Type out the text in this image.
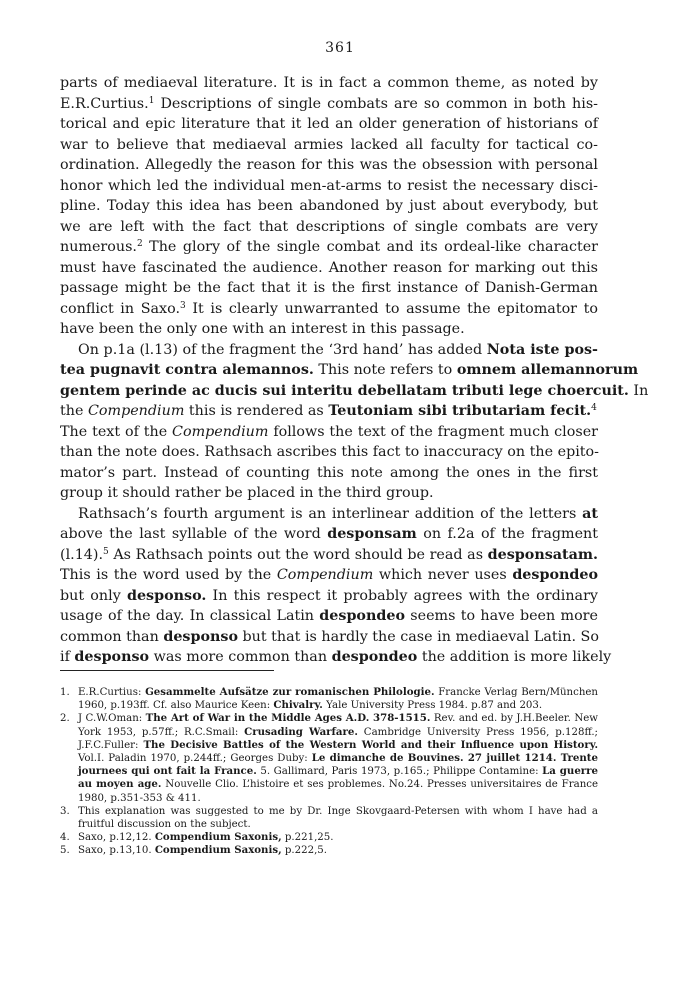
361
parts of mediaeval literature. It is in fact a common theme, as noted by
E.R.Curtius.$^1$ Descriptions of single combats are so common in both his-
torical and epic literature that it led an older generation of historians of
war to believe that mediaeval armies lacked all faculty for tactical co-
ordination. Allegedly the reason for this was the obsession with personal
honor which led the individual men-at-arms to resist the necessary disci-
pline. Today this idea has been abandoned by just about everybody, but
we are left with the fact that descriptions of single combats are very
numerous.$^2$ The glory of the single combat and its ordeal-like character
must have fascinated the audience. Another reason for marking out this
passage might be the fact that it is the first instance of Danish-German
conflict in Saxo.$^3$ It is clearly unwarranted to assume the epitomator to
have been the only one with an interest in this passage.
On p.1a (l.13) of the fragment the ‘3rd hand’ has added Nota iste pos-
tea pugnavit contra alemannos. This note refers to omnem allemannorum
gentem perinde ac ducis sui interitu debellatam tributi lege choercuit. In
the Compendium this is rendered as Teutoniam sibi tributariam fecit.$^4$
The text of the Compendium follows the text of the fragment much closer
than the note does. Rathsach ascribes this fact to inaccuracy on the epito-
mator’s part. Instead of counting this note among the ones in the first
group it should rather be placed in the third group.
Rathsach’s fourth argument is an interlinear addition of the letters at
above the last syllable of the word desponsam on f.2a of the fragment
(l.14).$^5$ As Rathsach points out the word should be read as desponsatam.
This is the word used by the Compendium which never uses despondeo
but only desponso. In this respect it probably agrees with the ordinary
usage of the day. In classical Latin despondeo seems to have been more
common than desponso but that is hardly the case in mediaeval Latin. So
if desponso was more common than despondeo the addition is more likely
1. E.R.Curtius: Gesammelte Aufsätze zur romanischen Philologie. Francke Verlag Bern/München 1960, p.193ff. Cf. also Maurice Keen: Chivalry. Yale University Press 1984. p.87 and 203.
2. J C.W.Oman: The Art of War in the Middle Ages A.D. 378-1515. Rev. and ed. by J.H.Beeler. New York 1953, p.57ff.; R.C.Smail: Crusading Warfare. Cambridge University Press 1956, p.128ff.; J.F.C.Fuller: The Decisive Battles of the Western World and their Influence upon History. Vol.I. Paladin 1970, p.244ff.; Georges Duby: Le dimanche de Bouvines. 27 juillet 1214. Trente journees qui ont fait la France. 5. Gallimard, Paris 1973, p.165.; Philippe Contamine: La guerre au moyen age. Nouvelle Clio. L’histoire et ses problemes. No.24. Presses universitaires de France 1980, p.351-353 & 411.
3. This explanation was suggested to me by Dr. Inge Skovgaard-Petersen with whom I have had a fruitful discussion on the subject.
4. Saxo, p.12,12. Compendium Saxonis, p.221,25.
5. Saxo, p.13,10. Compendium Saxonis, p.222,5.
